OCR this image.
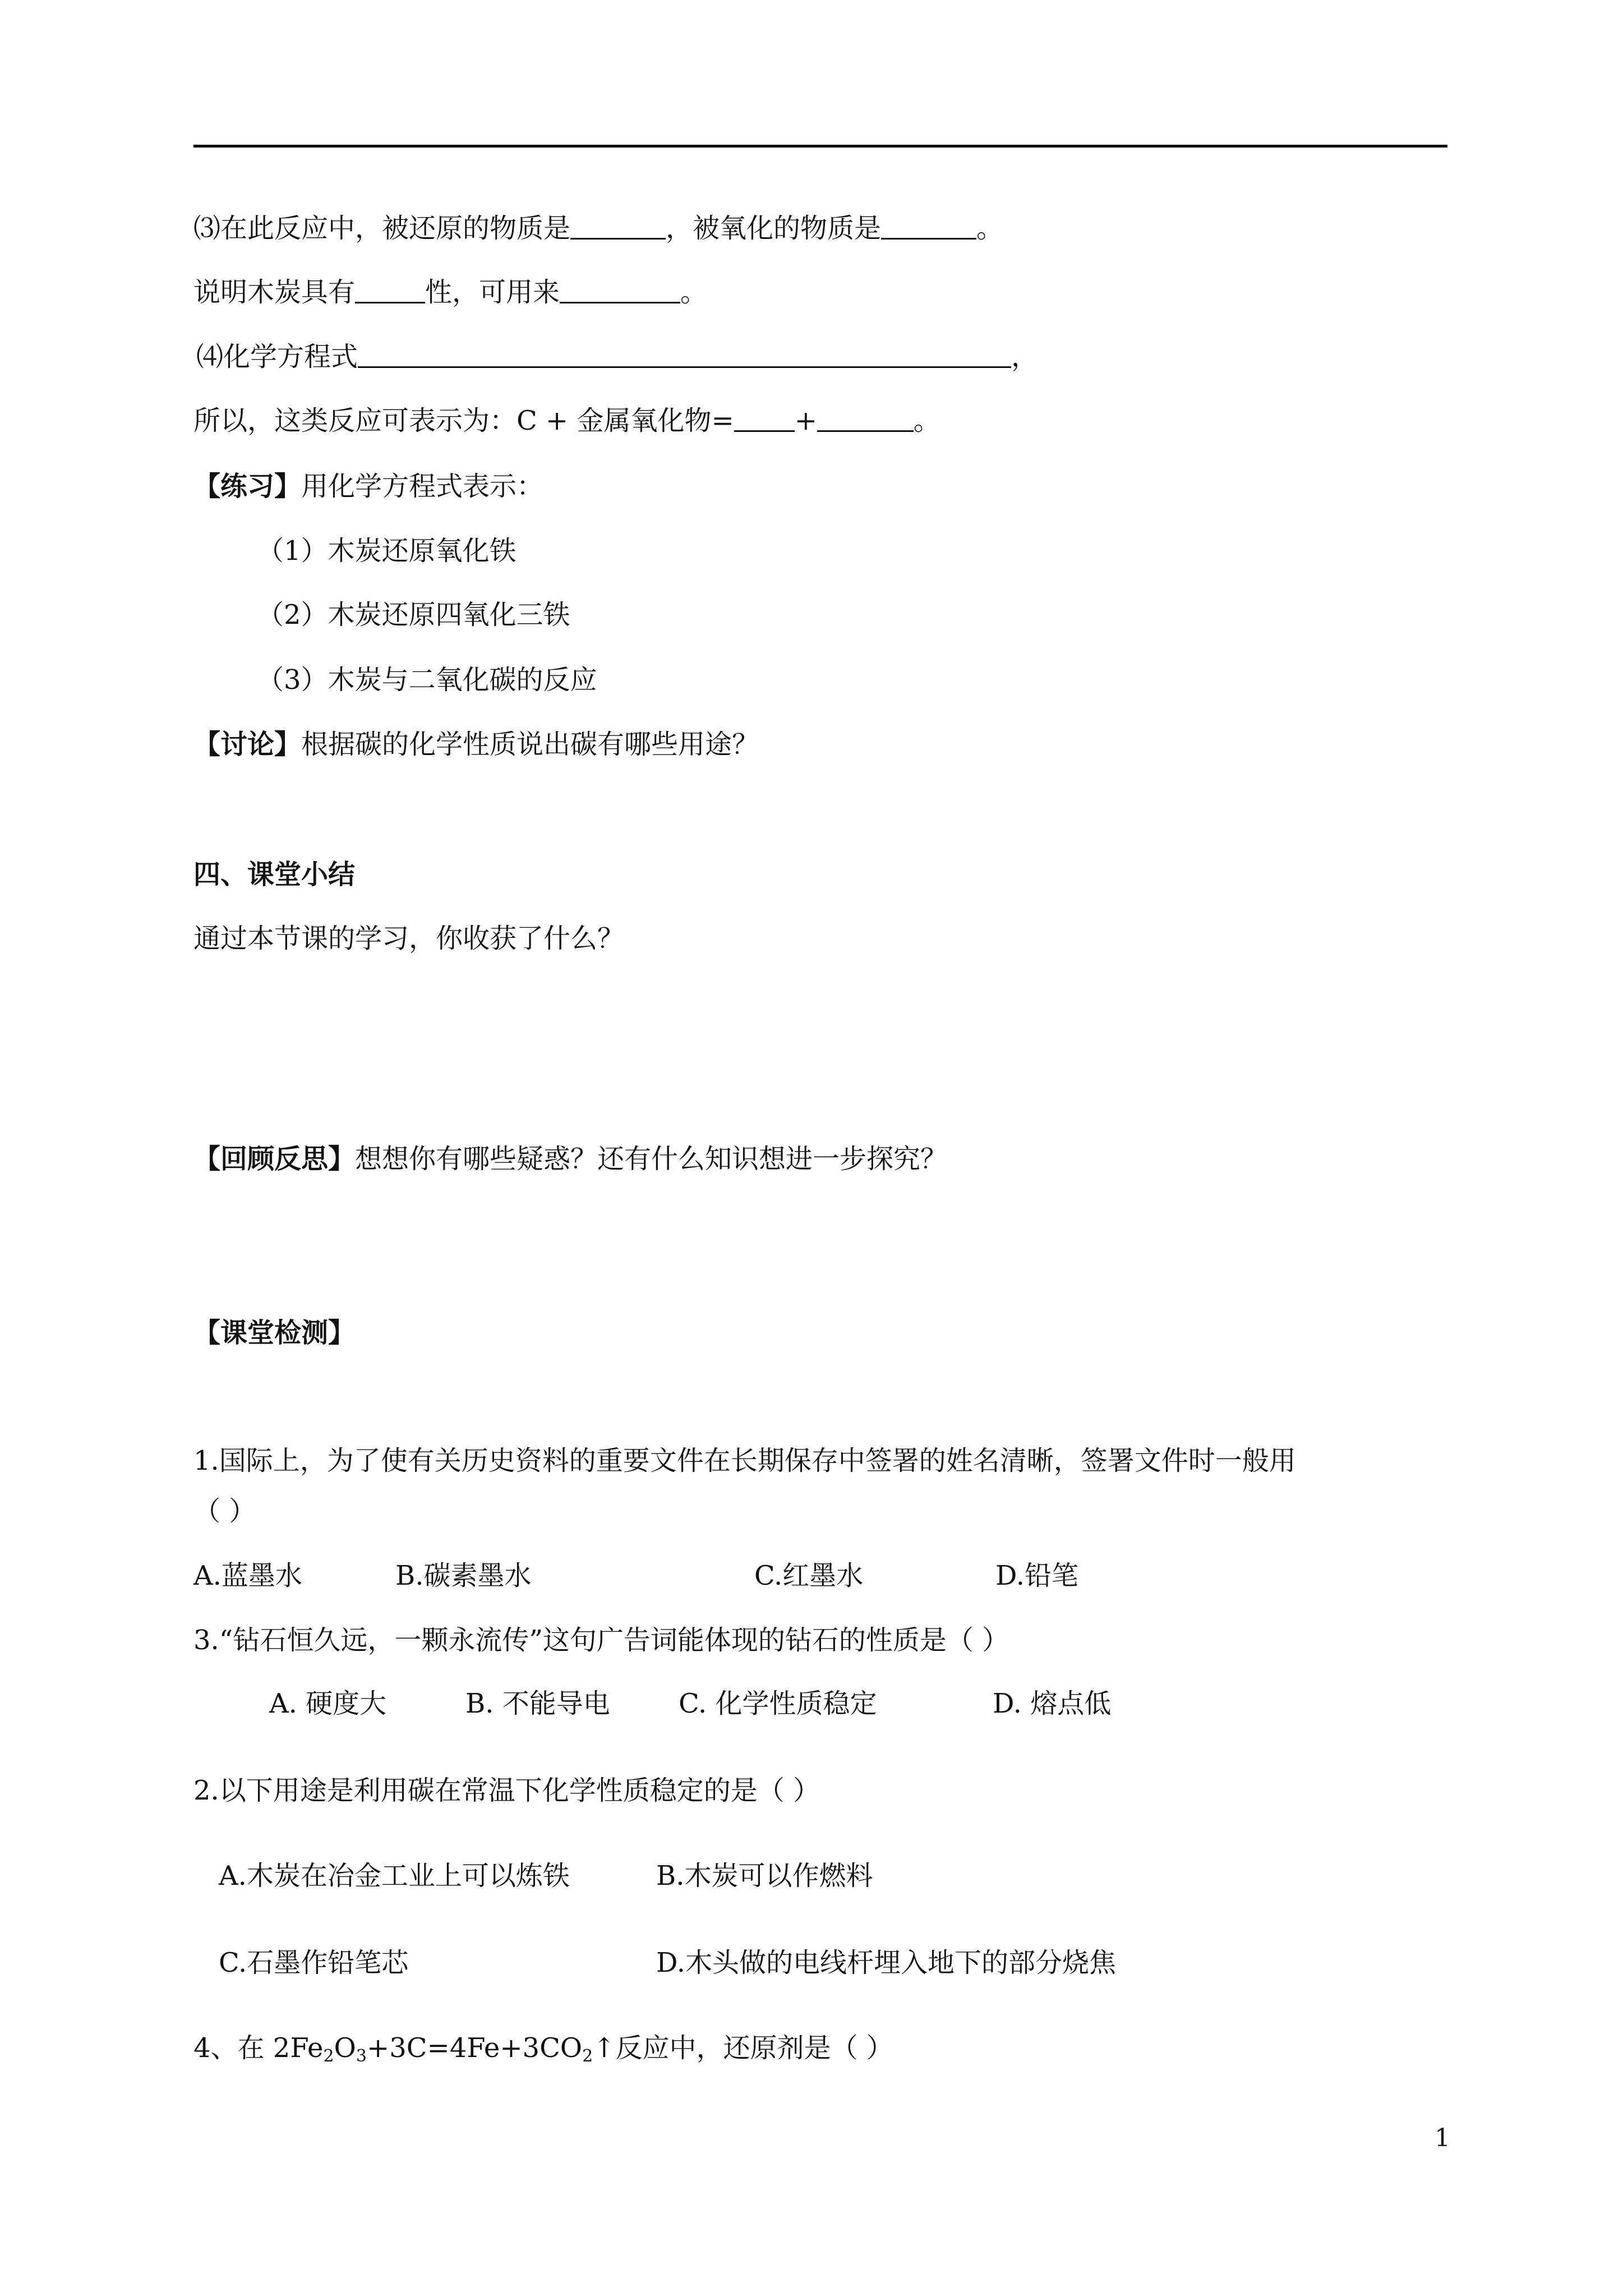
⑶在此反应中，被还原的物质是	，被氧化的物质是	。
说明木炭具有	性，可用来	。
⑷化学方程式	，
所以，这类反应可表示为：C + 金属氧化物= +	。
【练习】用化学方程式表示：
（1）木炭还原氧化铁
（2）木炭还原四氧化三铁
（3）木炭与二氧化碳的反应
【讨论】根据碳的化学性质说出碳有哪些用途？
四、课堂小结
通过本节课的学习，你收获了什么？
【回顾反思】想想你有哪些疑惑？还有什么知识想进一步探究？
【课堂检测】
1.国际上，为了使有关历史资料的重要文件在长期保存中签署的姓名清晰，签署文件时一般用
（ ）
A.蓝墨水	B.碳素墨水	C.红墨水	D.铅笔
3.“钻石恒久远，一颗永流传”这句广告词能体现的钻石的性质是（ ）
A. 硬度大	B. 不能导电	C. 化学性质稳定	D. 熔点低
2.以下用途是利用碳在常温下化学性质稳定的是（ ）
A.木炭在冶金工业上可以炼铁	B.木炭可以作燃料
C.石墨作铅笔芯	D.木头做的电线杆埋入地下的部分烧焦
4、在 $2Fe_2O_3+3C=4Fe+3CO_2↑$反应中，还原剂是（ ）
1
